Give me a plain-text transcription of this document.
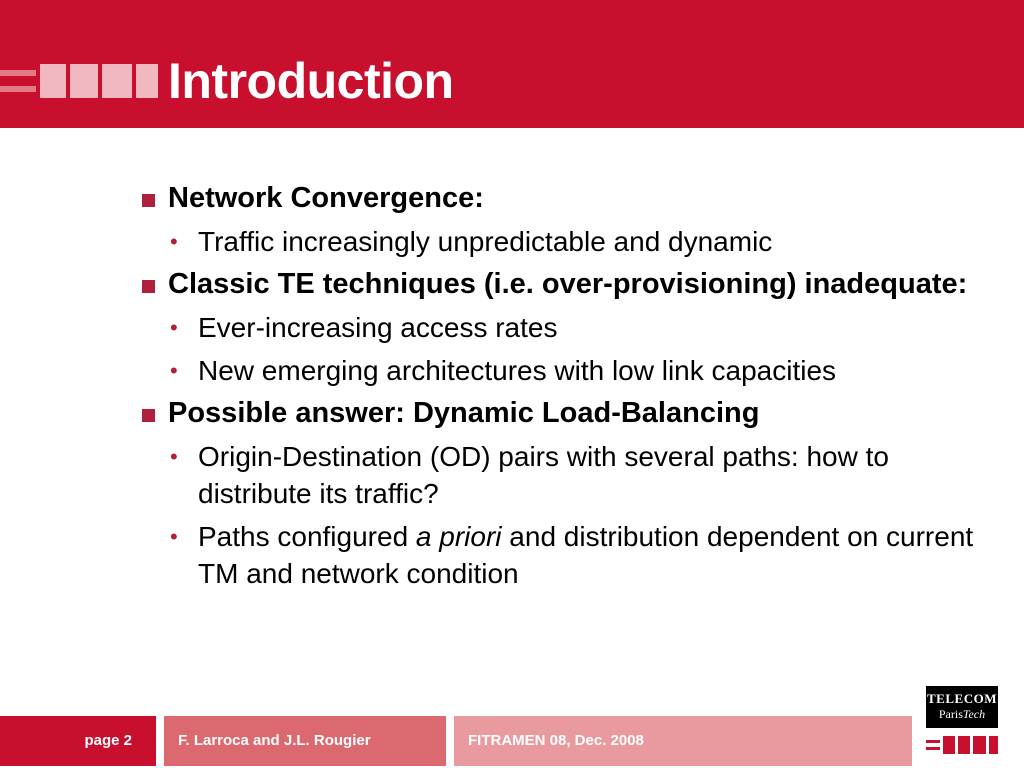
Introduction
Network Convergence:
• Traffic increasingly unpredictable and dynamic
Classic TE techniques (i.e. over-provisioning) inadequate:
• Ever-increasing access rates
• New emerging architectures with low link capacities
Possible answer: Dynamic Load-Balancing
• Origin-Destination (OD) pairs with several paths: how to distribute its traffic?
• Paths configured a priori and distribution dependent on current TM and network condition
page 2	F. Larroca and J.L. Rougier	FITRAMEN 08, Dec. 2008
TELECOM
ParisTech
